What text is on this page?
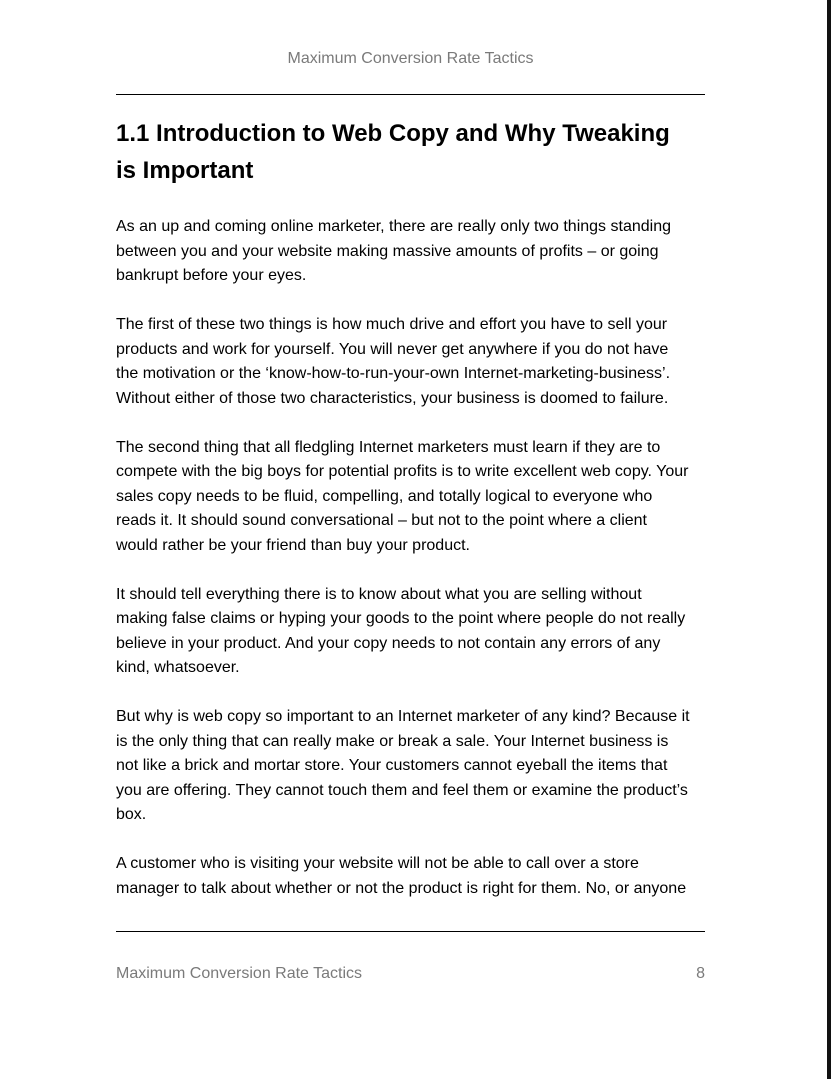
Maximum Conversion Rate Tactics
1.1 Introduction to Web Copy and Why Tweaking
is Important

As an up and coming online marketer, there are really only two things standing
between you and your website making massive amounts of profits – or going
bankrupt before your eyes.

The first of these two things is how much drive and effort you have to sell your
products and work for yourself. You will never get anywhere if you do not have
the motivation or the ‘know-how-to-run-your-own Internet-marketing-business’.
Without either of those two characteristics, your business is doomed to failure.

The second thing that all fledgling Internet marketers must learn if they are to
compete with the big boys for potential profits is to write excellent web copy. Your
sales copy needs to be fluid, compelling, and totally logical to everyone who
reads it. It should sound conversational – but not to the point where a client
would rather be your friend than buy your product.

It should tell everything there is to know about what you are selling without
making false claims or hyping your goods to the point where people do not really
believe in your product. And your copy needs to not contain any errors of any
kind, whatsoever.

But why is web copy so important to an Internet marketer of any kind? Because it
is the only thing that can really make or break a sale. Your Internet business is
not like a brick and mortar store. Your customers cannot eyeball the items that
you are offering. They cannot touch them and feel them or examine the product’s
box.

A customer who is visiting your website will not be able to call over a store
manager to talk about whether or not the product is right for them. No, or anyone

Maximum Conversion Rate Tactics	8
